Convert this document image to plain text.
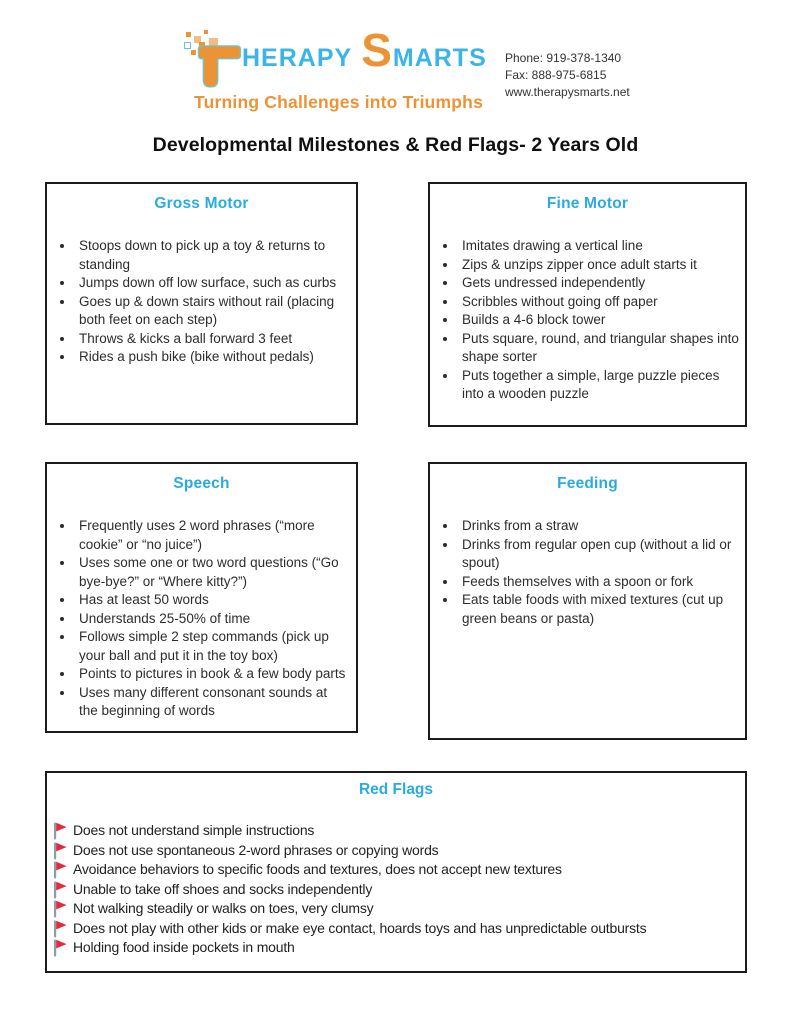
HERAPY S MARTS
Turning Challenges into Triumphs
Phone: 919-378-1340
Fax: 888-975-6815
www.therapysmarts.net
Developmental Milestones & Red Flags- 2 Years Old
Gross Motor
• Stoops down to pick up a toy & returns to standing
• Jumps down off low surface, such as curbs
• Goes up & down stairs without rail (placing both feet on each step)
• Throws & kicks a ball forward 3 feet
• Rides a push bike (bike without pedals)
Fine Motor
• Imitates drawing a vertical line
• Zips & unzips zipper once adult starts it
• Gets undressed independently
• Scribbles without going off paper
• Builds a 4-6 block tower
• Puts square, round, and triangular shapes into shape sorter
• Puts together a simple, large puzzle pieces into a wooden puzzle
Speech
• Frequently uses 2 word phrases (“more cookie” or “no juice”)
• Uses some one or two word questions (“Go bye-bye?” or “Where kitty?”)
• Has at least 50 words
• Understands 25-50% of time
• Follows simple 2 step commands (pick up your ball and put it in the toy box)
• Points to pictures in book & a few body parts
• Uses many different consonant sounds at the beginning of words
Feeding
• Drinks from a straw
• Drinks from regular open cup (without a lid or spout)
• Feeds themselves with a spoon or fork
• Eats table foods with mixed textures (cut up green beans or pasta)
Red Flags
Does not understand simple instructions
Does not use spontaneous 2-word phrases or copying words
Avoidance behaviors to specific foods and textures, does not accept new textures
Unable to take off shoes and socks independently
Not walking steadily or walks on toes, very clumsy
Does not play with other kids or make eye contact, hoards toys and has unpredictable outbursts
Holding food inside pockets in mouth
